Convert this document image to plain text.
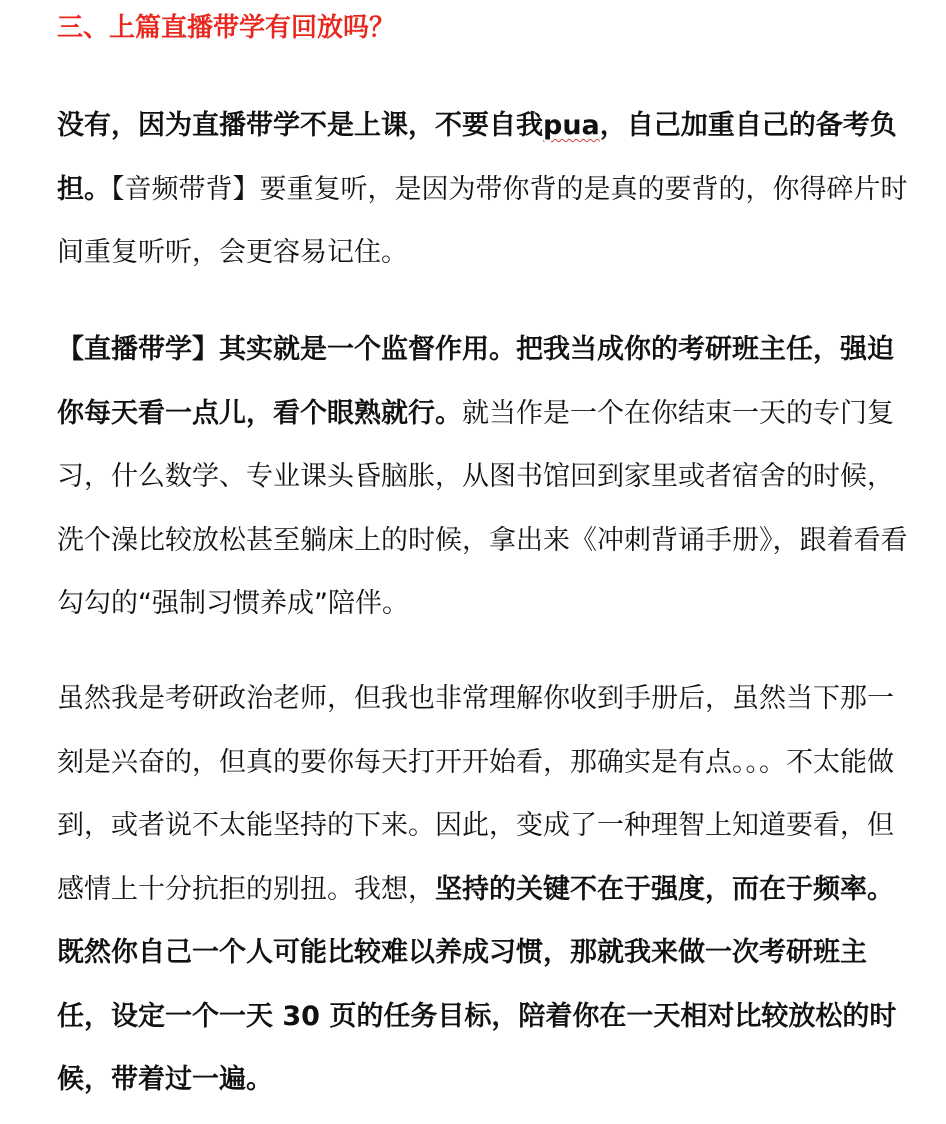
三、上篇直播带学有回放吗？
没有，因为直播带学不是上课，不要自我pua，自己加重自己的备考负担。【音频带背】要重复听，是因为带你背的是真的要背的，你得碎片时间重复听听，会更容易记住。
【直播带学】其实就是一个监督作用。把我当成你的考研班主任，强迫你每天看一点儿，看个眼熟就行。就当作是一个在你结束一天的专门复习，什么数学、专业课头昏脑胀，从图书馆回到家里或者宿舍的时候，洗个澡比较放松甚至躺床上的时候，拿出来《冲刺背诵手册》，跟着看看勾勾的“强制习惯养成”陪伴。
虽然我是考研政治老师，但我也非常理解你收到手册后，虽然当下那一刻是兴奋的，但真的要你每天打开开始看，那确实是有点。。。不太能做到，或者说不太能坚持的下来。因此，变成了一种理智上知道要看，但感情上十分抗拒的别扭。我想，坚持的关键不在于强度，而在于频率。既然你自己一个人可能比较难以养成习惯，那就我来做一次考研班主任，设定一个一天 30 页的任务目标，陪着你在一天相对比较放松的时候，带着过一遍。
